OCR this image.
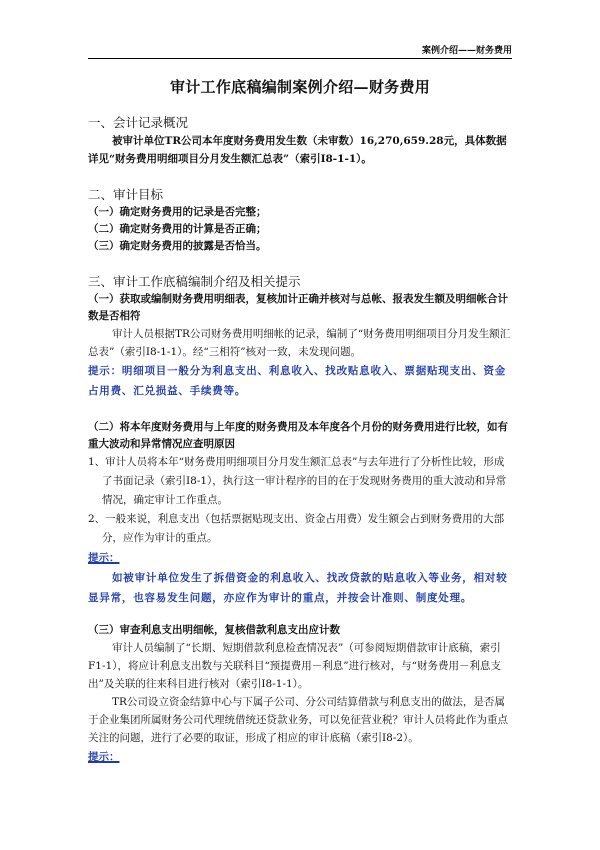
案例介绍——财务费用
审计工作底稿编制案例介绍—财务费用
一、会计记录概况
被审计单位TR公司本年度财务费用发生数（未审数）16,270,659.28元，具体数据详见“财务费用明细项目分月发生额汇总表”（索引I8-1-1）。
二、审计目标
（一）确定财务费用的记录是否完整；
（二）确定财务费用的计算是否正确；
（三）确定财务费用的披露是否恰当。
三、审计工作底稿编制介绍及相关提示
（一）获取或编制财务费用明细表，复核加计正确并核对与总帐、报表发生额及明细帐合计数是否相符
审计人员根据TR公司财务费用明细帐的记录，编制了“财务费用明细项目分月发生额汇总表”（索引I8-1-1）。经“三相符”核对一致，未发现问题。
提示：明细项目一般分为利息支出、利息收入、找改贴息收入、票据贴现支出、资金占用费、汇兑损益、手续费等。
（二）将本年度财务费用与上年度的财务费用及本年度各个月份的财务费用进行比较，如有重大波动和异常情况应查明原因
1、审计人员将本年“财务费用明细项目分月发生额汇总表”与去年进行了分析性比较，形成了书面记录（索引I8-1），执行这一审计程序的目的在于发现财务费用的重大波动和异常情况，确定审计工作重点。
2、一般来说，利息支出（包括票据贴现支出、资金占用费）发生额会占到财务费用的大部分，应作为审计的重点。
提示：
如被审计单位发生了拆借资金的利息收入、找改贷款的贴息收入等业务，相对较显异常，也容易发生问题，亦应作为审计的重点，并按会计准则、制度处理。
（三）审查利息支出明细帐，复核借款利息支出应计数
审计人员编制了“长期、短期借款利息检查情况表”（可参阅短期借款审计底稿，索引F1-1），将应计利息支出数与关联科目“预提费用－利息”进行核对，与“财务费用－利息支出”及关联的往来科目进行核对（索引I8-1-1）。
TR公司设立资金结算中心与下属子公司、分公司结算借款与利息支出的做法，是否属于企业集团所属财务公司代理统借统还贷款业务，可以免征营业税？审计人员将此作为重点关注的问题，进行了必要的取证，形成了相应的审计底稿（索引I8-2）。
提示：
